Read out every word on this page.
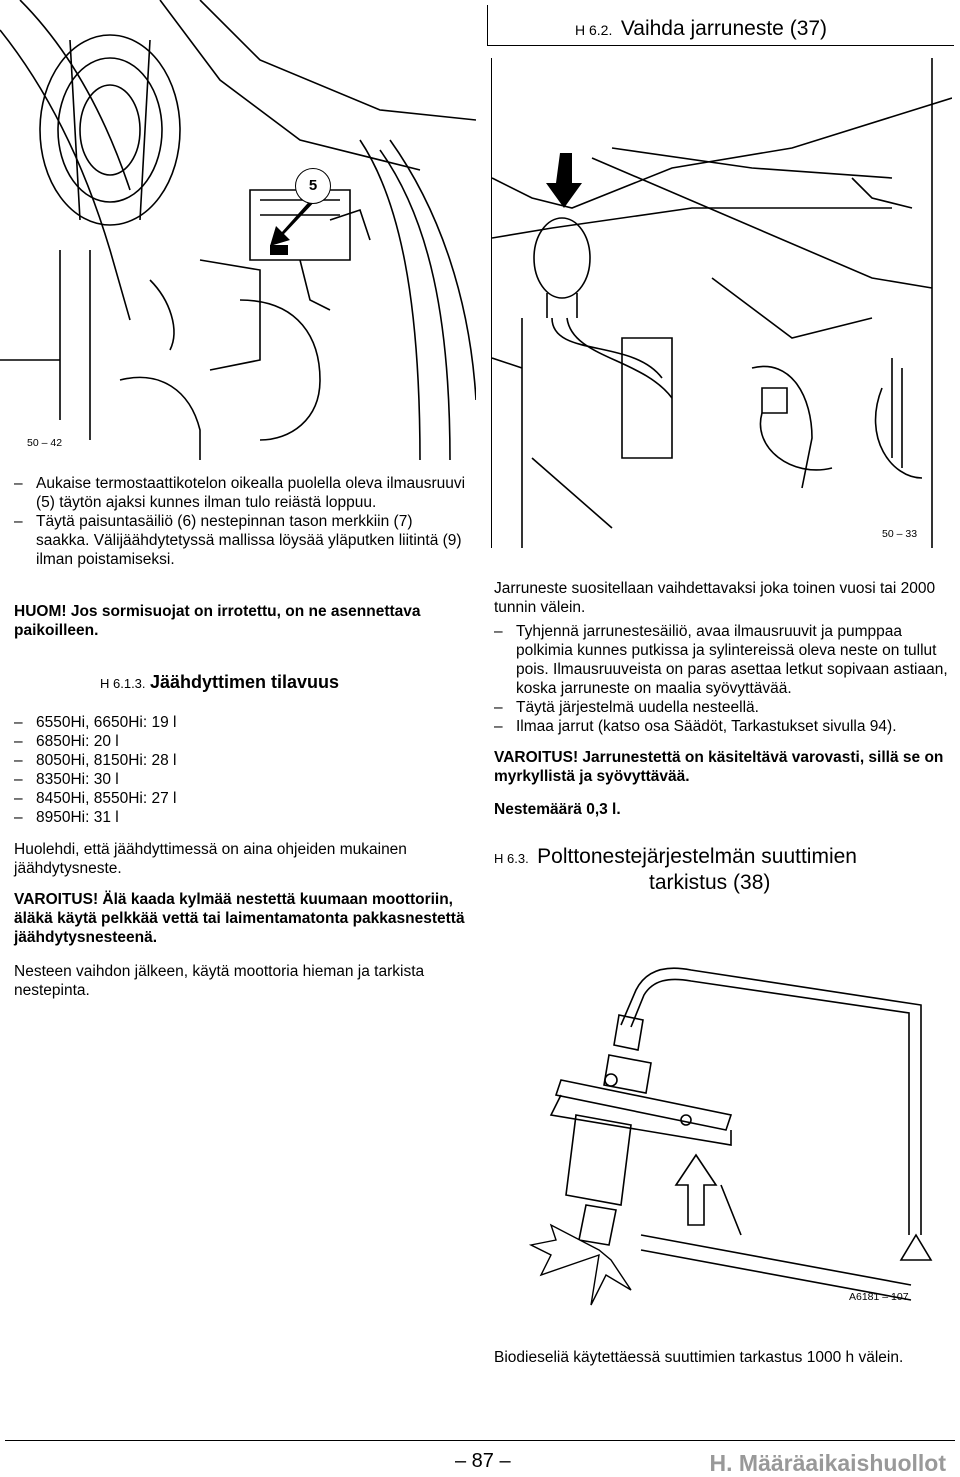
H 6.2. Vaihda jarruneste (37)
5
50 – 42
50 – 33
– Aukaise termostaattikotelon oikealla puolella oleva ilmausruuvi (5) täytön ajaksi kunnes ilman tulo reiästä loppuu.
– Täytä paisuntasäiliö (6) nestepinnan tason merkkiin (7) saakka. Välijäähdytetyssä mallissa löysää yläputken liitintä (9) ilman poistamiseksi.
HUOM! Jos sormisuojat on irrotettu, on ne asennettava paikoilleen.
H 6.1.3. Jäähdyttimen tilavuus
– 6550Hi, 6650Hi: 19 l
– 6850Hi: 20 l
– 8050Hi, 8150Hi: 28 l
– 8350Hi: 30 l
– 8450Hi, 8550Hi: 27 l
– 8950Hi: 31 l
Huolehdi, että jäähdyttimessä on aina ohjeiden mukainen jäähdytysneste.
VAROITUS! Älä kaada kylmää nestettä kuumaan moottoriin, äläkä käytä pelkkää vettä tai laimentamatonta pakkasnestettä jäähdytysnesteenä.
Nesteen vaihdon jälkeen, käytä moottoria hieman ja tarkista nestepinta.
Jarruneste suositellaan vaihdettavaksi joka toinen vuosi tai 2000 tunnin välein.
– Tyhjennä jarrunestesäiliö, avaa ilmausruuvit ja pumppaa polkimia kunnes putkissa ja sylintereissä oleva neste on tullut pois. Ilmausruuveista on paras asettaa letkut sopivaan astiaan, koska jarruneste on maalia syövyttävää.
– Täytä järjestelmä uudella nesteellä.
– Ilmaa jarrut (katso osa Säädöt, Tarkastukset sivulla 94).
VAROITUS! Jarrunestettä on käsiteltävä varovasti, sillä se on myrkyllistä ja syövyttävää.
Nestemäärä 0,3 l.
H 6.3. Polttonestejärjestelmän suuttimien
tarkistus (38)
A6181 – 107
Biodieseliä käytettäessä suuttimien tarkastus 1000 h välein.
– 87 –	H. Määräaikaishuollot
